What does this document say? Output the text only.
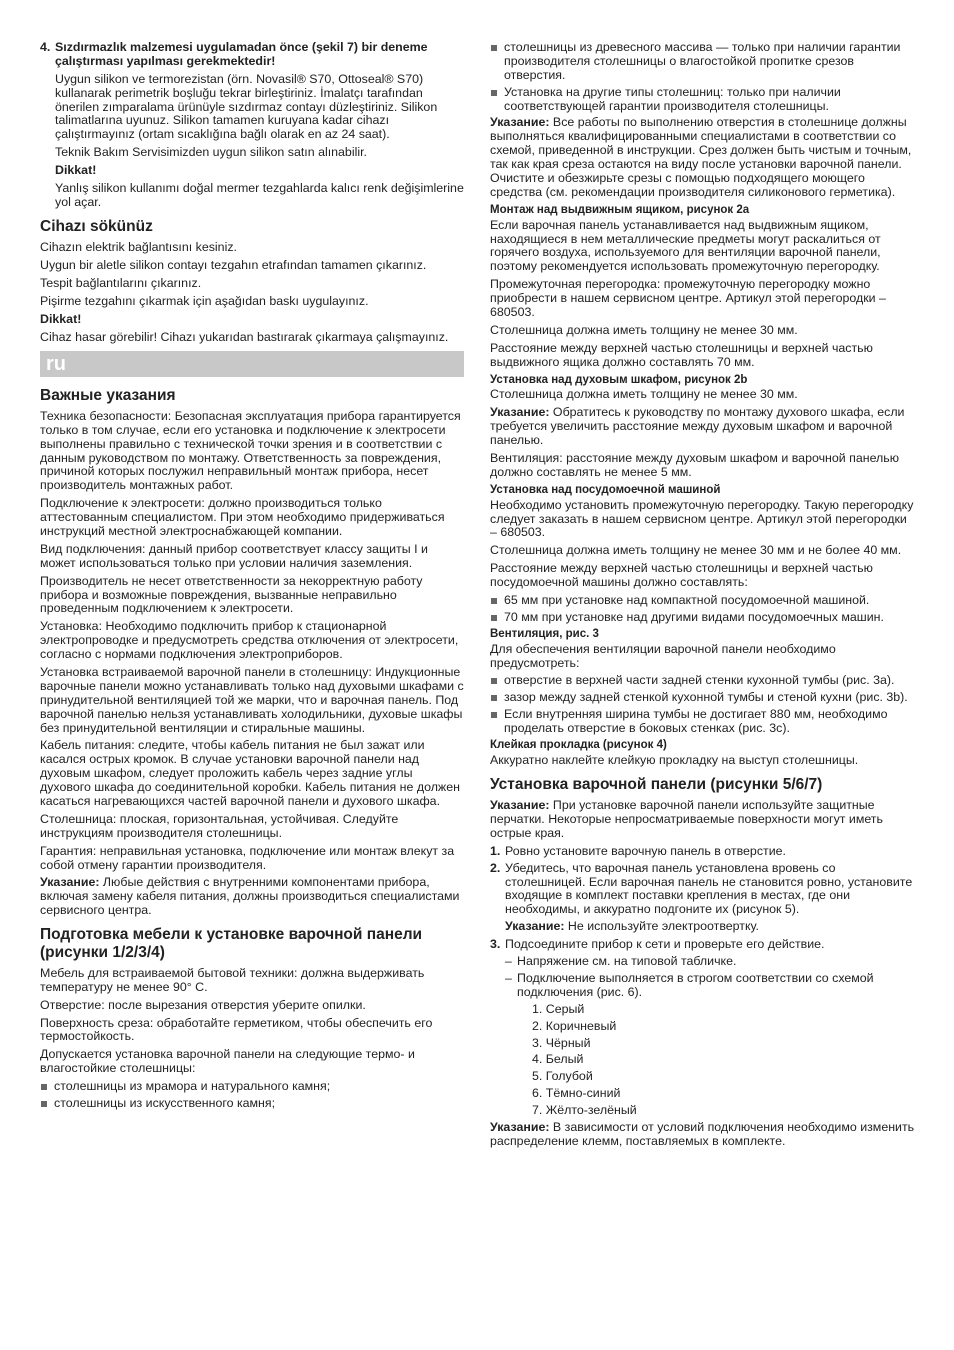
4. Sızdırmazlık malzemesi uygulamadan önce (şekil 7) bir deneme çalıştırması yapılması gerekmektedir!

Uygun silikon ve termorezistan (örn. Novasil® S70, Ottoseal® S70) kullanarak perimetrik boşluğu tekrar birleştiriniz. İmalatçı tarafından önerilen zımparalama ürünüyle sızdırmaz contayı düzleştiriniz. Silikon talimatlarına uyunuz. Silikon tamamen kuruyana kadar cihazı çalıştırmayınız (ortam sıcaklığına bağlı olarak en az 24 saat).

Teknik Bakım Servisimizden uygun silikon satın alınabilir.

Dikkat!

Yanlış silikon kullanımı doğal mermer tezgahlarda kalıcı renk değişimlerine yol açar.

Cihazı sökünüz

Cihazın elektrik bağlantısını kesiniz.

Uygun bir aletle silikon contayı tezgahın etrafından tamamen çıkarınız.

Tespit bağlantılarını çıkarınız.

Pişirme tezgahını çıkarmak için aşağıdan baskı uygulayınız.

Dikkat!

Cihaz hasar görebilir! Cihazı yukarıdan bastırarak çıkarmaya çalışmayınız.

ru
Важные указания

Техника безопасности: Безопасная эксплуатация прибора гарантируется только в том случае, если его установка и подключение к электросети выполнены правильно с технической точки зрения и в соответствии с данным руководством по монтажу. Ответственность за повреждения, причиной которых послужил неправильный монтаж прибора, несет производитель монтажных работ.

Подключение к электросети: должно производиться только аттестованным специалистом. При этом необходимо придерживаться инструкций местной электроснабжающей компании.

Вид подключения: данный прибор соответствует классу защиты I и может использоваться только при условии наличия заземления.

Производитель не несет ответственности за некорректную работу прибора и возможные повреждения, вызванные неправильно проведенным подключением к электросети.

Установка: Необходимо подключить прибор к стационарной электропроводке и предусмотреть средства отключения от электросети, согласно с нормами подключения электроприборов.

Установка встраиваемой варочной панели в столешницу: Индукционные варочные панели можно устанавливать только над духовыми шкафами с принудительной вентиляцией той же марки, что и варочная панель. Под варочной панелью нельзя устанавливать холодильники, духовые шкафы без принудительной вентиляции и стиральные машины.

Кабель питания: следите, чтобы кабель питания не был зажат или касался острых кромок. В случае установки варочной панели над духовым шкафом, следует проложить кабель через задние углы духового шкафа до соединительной коробки. Кабель питания не должен касаться нагревающихся частей варочной панели и духового шкафа.

Столешница: плоская, горизонтальная, устойчивая. Следуйте инструкциям производителя столешницы.

Гарантия: неправильная установка, подключение или монтаж влекут за собой отмену гарантии производителя.

Указание: Любые действия с внутренними компонентами прибора, включая замену кабеля питания, должны производиться специалистами сервисного центра.

Подготовка мебели к установке варочной панели (рисунки 1/2/3/4)

Мебель для встраиваемой бытовой техники: должна выдерживать температуру не менее 90° C.

Отверстие: после вырезания отверстия уберите опилки.

Поверхность среза: обработайте герметиком, чтобы обеспечить его термостойкость.

Допускается установка варочной панели на следующие термо- и влагостойкие столешницы:

столешницы из мрамора и натурального камня;

столешницы из искусственного камня;

столешницы из древесного массива — только при наличии гарантии производителя столешницы о влагостойкой пропитке срезов отверстия.

Установка на другие типы столешниц: только при наличии соответствующей гарантии производителя столешницы.

Указание: Все работы по выполнению отверстия в столешнице должны выполняться квалифицированными специалистами в соответствии со схемой, приведенной в инструкции. Срез должен быть чистым и точным, так как края среза остаются на виду после установки варочной панели. Очистите и обезжирьте срезы с помощью подходящего моющего средства (см. рекомендации производителя силиконового герметика).

Монтаж над выдвижным ящиком, рисунок 2a

Если варочная панель устанавливается над выдвижным ящиком, находящиеся в нем металлические предметы могут раскалиться от горячего воздуха, используемого для вентиляции варочной панели, поэтому рекомендуется использовать промежуточную перегородку.

Промежуточная перегородка: промежуточную перегородку можно приобрести в нашем сервисном центре. Артикул этой перегородки – 680503.

Столешница должна иметь толщину не менее 30 мм.

Расстояние между верхней частью столешницы и верхней частью выдвижного ящика должно составлять 70 мм.

Установка над духовым шкафом, рисунок 2b

Столешница должна иметь толщину не менее 30 мм.

Указание: Обратитесь к руководству по монтажу духового шкафа, если требуется увеличить расстояние между духовым шкафом и варочной панелью.

Вентиляция: расстояние между духовым шкафом и варочной панелью должно составлять не менее 5 мм.

Установка над посудомоечной машиной

Необходимо установить промежуточную перегородку. Такую перегородку следует заказать в нашем сервисном центре. Артикул этой перегородки – 680503.

Столешница должна иметь толщину не менее 30 мм и не более 40 мм.

Расстояние между верхней частью столешницы и верхней частью посудомоечной машины должно составлять:

65 мм при установке над компактной посудомоечной машиной.

70 мм при установке над другими видами посудомоечных машин.

Вентиляция, рис. 3

Для обеспечения вентиляции варочной панели необходимо предусмотреть:

отверстие в верхней части задней стенки кухонной тумбы (рис. 3a).

зазор между задней стенкой кухонной тумбы и стеной кухни (рис. 3b).

Если внутренняя ширина тумбы не достигает 880 мм, необходимо проделать отверстие в боковых стенках (рис. 3c).

Клейкая прокладка (рисунок 4)

Аккуратно наклейте клейкую прокладку на выступ столешницы.

Установка варочной панели (рисунки 5/6/7)

Указание: При установке варочной панели используйте защитные перчатки. Некоторые непросматриваемые поверхности могут иметь острые края.

1. Ровно установите варочную панель в отверстие.
2. Убедитесь, что варочная панель установлена вровень со столешницей. Если варочная панель не становится ровно, установите входящие в комплект поставки крепления в местах, где они необходимы, и аккуратно подгоните их (рисунок 5).

Указание: Не используйте электроотвертку.

3. Подсоедините прибор к сети и проверьте его действие.

– Напряжение см. на типовой табличке.

– Подключение выполняется в строгом соответствии со схемой подключения (рис. 6).

1. Серый

2. Коричневый

3. Чёрный

4. Белый

5. Голубой

6. Тёмно-синий

7. Жёлто-зелёный

Указание: В зависимости от условий подключения необходимо изменить распределение клемм, поставляемых в комплекте.
